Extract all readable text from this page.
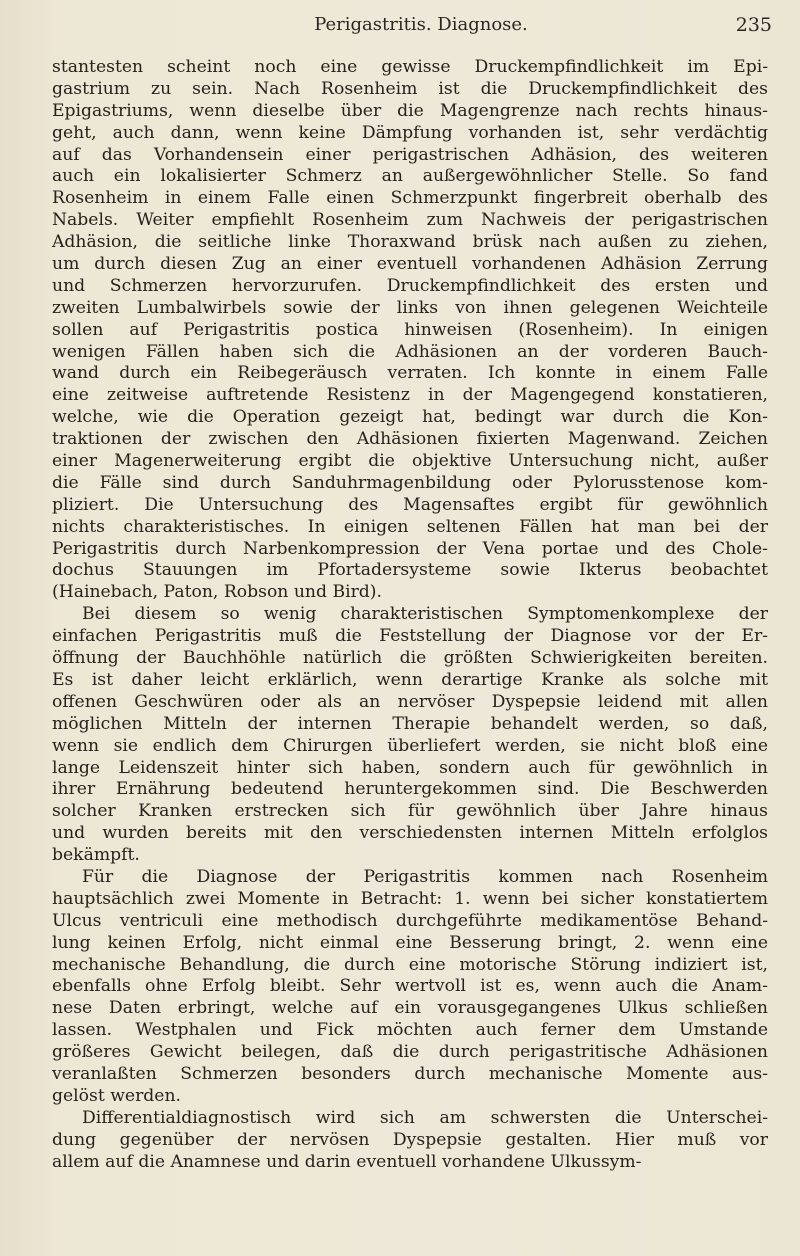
Perigastritis. Diagnose.	235
stantesten scheint noch eine gewisse Druckempfindlichkeit im Epi-
gastrium zu sein. Nach Rosenheim ist die Druckempfindlichkeit des
Epigastriums, wenn dieselbe über die Magengrenze nach rechts hinaus-
geht, auch dann, wenn keine Dämpfung vorhanden ist, sehr verdächtig
auf das Vorhandensein einer perigastrischen Adhäsion, des weiteren
auch ein lokalisierter Schmerz an außergewöhnlicher Stelle. So fand
Rosenheim in einem Falle einen Schmerzpunkt fingerbreit oberhalb des
Nabels. Weiter empfiehlt Rosenheim zum Nachweis der perigastrischen
Adhäsion, die seitliche linke Thoraxwand brüsk nach außen zu ziehen,
um durch diesen Zug an einer eventuell vorhandenen Adhäsion Zerrung
und Schmerzen hervorzurufen. Druckempfindlichkeit des ersten und
zweiten Lumbalwirbels sowie der links von ihnen gelegenen Weichteile
sollen auf Perigastritis postica hinweisen (Rosenheim). In einigen
wenigen Fällen haben sich die Adhäsionen an der vorderen Bauch-
wand durch ein Reibegeräusch verraten. Ich konnte in einem Falle
eine zeitweise auftretende Resistenz in der Magengegend konstatieren,
welche, wie die Operation gezeigt hat, bedingt war durch die Kon-
traktionen der zwischen den Adhäsionen fixierten Magenwand. Zeichen
einer Magenerweiterung ergibt die objektive Untersuchung nicht, außer
die Fälle sind durch Sanduhrmagenbildung oder Pylorusstenose kom-
pliziert. Die Untersuchung des Magensaftes ergibt für gewöhnlich
nichts charakteristisches. In einigen seltenen Fällen hat man bei der
Perigastritis durch Narbenkompression der Vena portae und des Chole-
dochus Stauungen im Pfortadersysteme sowie Ikterus beobachtet
(Hainebach, Paton, Robson und Bird).
Bei diesem so wenig charakteristischen Symptomenkomplexe der
einfachen Perigastritis muß die Feststellung der Diagnose vor der Er-
öffnung der Bauchhöhle natürlich die größten Schwierigkeiten bereiten.
Es ist daher leicht erklärlich, wenn derartige Kranke als solche mit
offenen Geschwüren oder als an nervöser Dyspepsie leidend mit allen
möglichen Mitteln der internen Therapie behandelt werden, so daß,
wenn sie endlich dem Chirurgen überliefert werden, sie nicht bloß eine
lange Leidenszeit hinter sich haben, sondern auch für gewöhnlich in
ihrer Ernährung bedeutend heruntergekommen sind. Die Beschwerden
solcher Kranken erstrecken sich für gewöhnlich über Jahre hinaus
und wurden bereits mit den verschiedensten internen Mitteln erfolglos
bekämpft.
Für die Diagnose der Perigastritis kommen nach Rosenheim
hauptsächlich zwei Momente in Betracht: 1. wenn bei sicher konstatiertem
Ulcus ventriculi eine methodisch durchgeführte medikamentöse Behand-
lung keinen Erfolg, nicht einmal eine Besserung bringt, 2. wenn eine
mechanische Behandlung, die durch eine motorische Störung indiziert ist,
ebenfalls ohne Erfolg bleibt. Sehr wertvoll ist es, wenn auch die Anam-
nese Daten erbringt, welche auf ein vorausgegangenes Ulkus schließen
lassen. Westphalen und Fick möchten auch ferner dem Umstande
größeres Gewicht beilegen, daß die durch perigastritische Adhäsionen
veranlaßten Schmerzen besonders durch mechanische Momente aus-
gelöst werden.
Differentialdiagnostisch wird sich am schwersten die Unterschei-
dung gegenüber der nervösen Dyspepsie gestalten. Hier muß vor
allem auf die Anamnese und darin eventuell vorhandene Ulkussym-
